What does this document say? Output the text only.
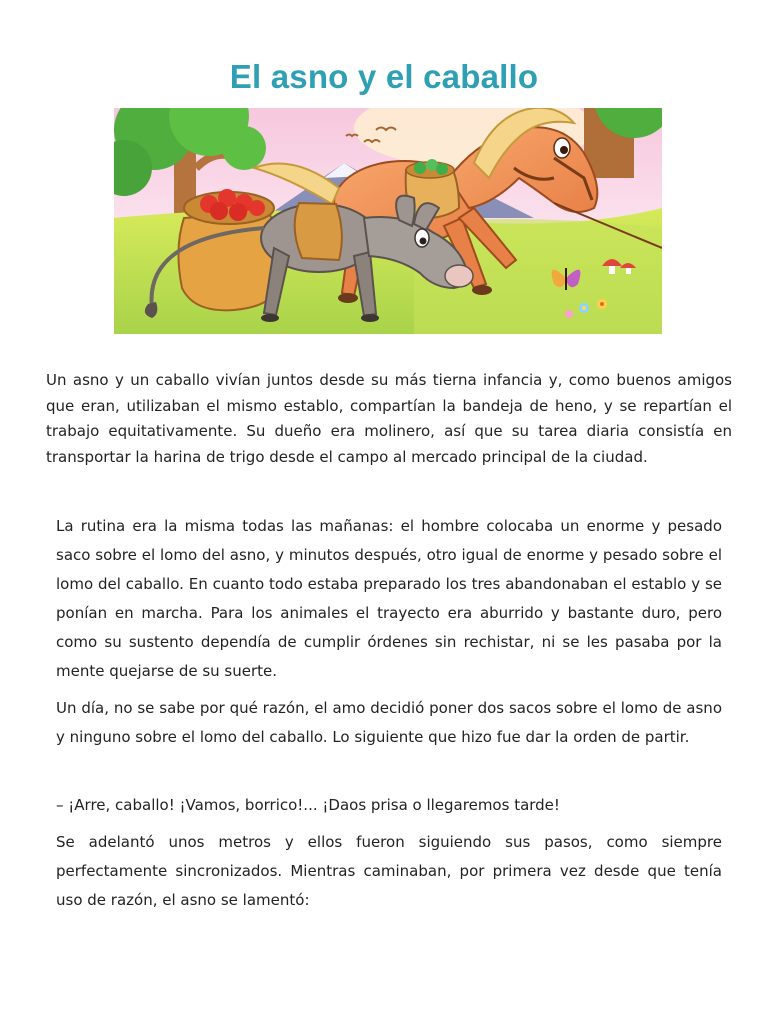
El asno y el caballo

Un asno y un caballo vivían juntos desde su más tierna infancia y, como buenos amigos que eran, utilizaban el mismo establo, compartían la bandeja de heno, y se repartían el trabajo equitativamente. Su dueño era molinero, así que su tarea diaria consistía en transportar la harina de trigo desde el campo al mercado principal de la ciudad.

La rutina era la misma todas las mañanas: el hombre colocaba un enorme y pesado saco sobre el lomo del asno, y minutos después, otro igual de enorme y pesado sobre el lomo del caballo. En cuanto todo estaba preparado los tres abandonaban el establo y se ponían en marcha. Para los animales el trayecto era aburrido y bastante duro, pero como su sustento dependía de cumplir órdenes sin rechistar, ni se les pasaba por la mente quejarse de su suerte.

Un día, no se sabe por qué razón, el amo decidió poner dos sacos sobre el lomo de asno y ninguno sobre el lomo del caballo. Lo siguiente que hizo fue dar la orden de partir.

– ¡Arre, caballo! ¡Vamos, borrico!... ¡Daos prisa o llegaremos tarde!

Se adelantó unos metros y ellos fueron siguiendo sus pasos, como siempre perfectamente sincronizados. Mientras caminaban, por primera vez desde que tenía uso de razón, el asno se lamentó:
